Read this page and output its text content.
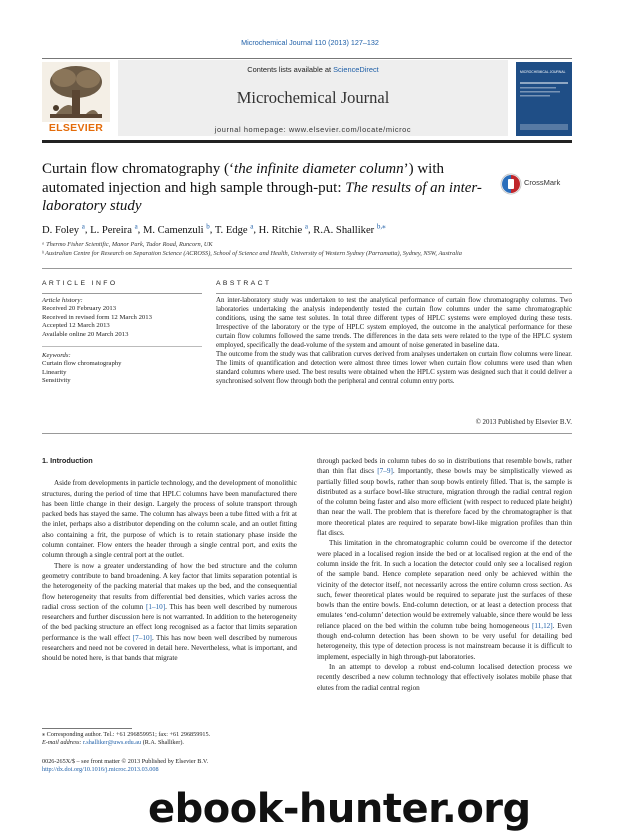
Microchemical Journal 110 (2013) 127–132
Contents lists available at ScienceDirect
Microchemical Journal
journal homepage: www.elsevier.com/locate/microc
ELSEVIER
MICROCHEMICAL JOURNAL
Curtain flow chromatography (‘the infinite diameter column’) with automated injection and high sample through-put: The results of an inter-laboratory study
CrossMark
D. Foley $^a$, L. Pereira $^a$, M. Camenzuli $^b$, T. Edge $^a$, H. Ritchie $^a$, R.A. Shalliker $^{b,⁎}$
ᵃ Thermo Fisher Scientific, Manor Park, Tudor Road, Runcorn, UK
ᵇ Australian Centre for Research on Separation Science (ACROSS), School of Science and Health, University of Western Sydney (Parramatta), Sydney, NSW, Australia
ARTICLE INFO
Article history:
Received 20 February 2013
Received in revised form 12 March 2013
Accepted 12 March 2013
Available online 20 March 2013
Keywords:
Curtain flow chromatography
Linearity
Sensitivity
ABSTRACT

An inter-laboratory study was undertaken to test the analytical performance of curtain flow chromatography columns. Two laboratories undertaking the analysis independently tested the curtain flow columns under the same chromatographic conditions, using the same test solutes. In total three different types of HPLC systems were employed during these tests. Irrespective of the laboratory or the type of HPLC system employed, the outcome in the analytical performance for these curtain flow columns followed the same trends. The differences in the data sets were related to the type of the HPLC system employed, specifically the dead-volume of the system and amount of noise generated in baseline data.

The outcome from the study was that calibration curves derived from analyses undertaken on curtain flow columns were linear. The limits of quantification and detection were almost three times lower when curtain flow columns were used than when standard columns where used. The best results were obtained when the HPLC system was designed such that it could deliver a synchronised solvent flow through both the peripheral and central column entry ports.

© 2013 Published by Elsevier B.V.

1. Introduction

Aside from developments in particle technology, and the development of monolithic structures, during the period of time that HPLC columns have been manufactured there has been little change in their design. Largely the process of solute transport through packed beds has stayed the same. The column has always been a tube fitted with a frit at the inlet, perhaps also a distributor depending on the column scale, and an outlet fitting also containing a frit, the purpose of which is to retain stationary phase inside the column container. Flow enters the header through a single central port, and exits the column through a single central port at the outlet.

There is now a greater understanding of how the bed structure and the column geometry contribute to band broadening. A key factor that limits separation potential is the heterogeneity of the packing material that makes up the bed, and the consequential flow heterogeneity that results from differential bed densities, which varies across the radial cross section of the column [1–10]. This has been well described by numerous researchers and further discussion here is not warranted. In addition to the heterogeneity of the bed packing structure an effect long recognised as a factor that limits separation performance is the wall effect [7–10]. This has now been well described by numerous researchers and need not be covered in detail here. Nevertheless, what is important, and should be noted here, is that bands that migrate

through packed beds in column tubes do so in distributions that resemble bowls, rather than thin flat discs [7–9]. Importantly, these bowls may be simplistically viewed as partially filled soup bowls, rather than soup bowls entirely filled. That is, the sample is distributed as a surface bowl-like structure, migration through the radial central region of the column being faster and also more efficient (with respect to reduced plate height) than near the wall. The problem that is therefore faced by the chromatographer is that more theoretical plates are required to separate bowl-like migration profiles than thin flat discs.

This limitation in the chromatographic column could be overcome if the detector were placed in a localised region inside the bed or at localised region at the end of the column inside the frit. In such a location the detector could only see a localised region of the sample band. Hence complete separation need only be achieved within the vicinity of the detector itself, not necessarily across the entire column cross section. As such, fewer theoretical plates would be required to separate just the surfaces of these bowls than the entire bowls. End-column detection, or at least a detection process that emulates ‘end-column’ detection would be extremely valuable, since there would be less reliance placed on the bed within the column tube being homogeneous [11,12]. Even though end-column detection has been shown to be very useful for detailing bed heterogeneity, this type of detection process is not mainstream because it is difficult to implement, especially in high through-put laboratories.

In an attempt to develop a robust end-column localised detection process we recently described a new column technology that effectively isolates mobile phase that elutes from the radial central region

⁎ Corresponding author. Tel.: +61 296859951; fax: +61 296859915.
E-mail address: r.shalliker@uws.edu.au (R.A. Shalliker).
0026-265X/$ – see front matter © 2013 Published by Elsevier B.V.
http://dx.doi.org/10.1016/j.microc.2013.03.008
ebook-hunter.org
